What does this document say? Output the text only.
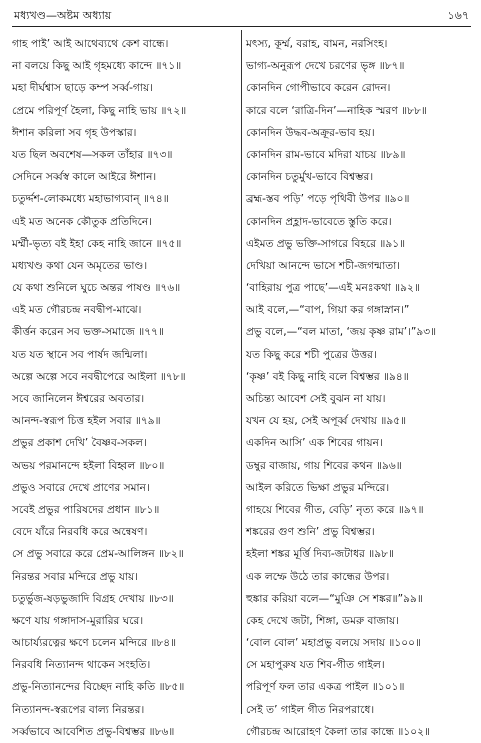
মধ্যখণ্ড—অষ্টম অধ্যায়	১৬৭
গাহ পাই’ আই আথেব্যথে কেশ বান্ধে।
না বলয়ে কিছু আই গৃহমধ্যে কান্দে ॥৭১॥
মহা দীর্ঘশ্বাস ছাড়ে কম্প সর্ব্ব-গায়।
প্রেমে পরিপূর্ণ হৈলা, কিছু নাহি ভায় ॥৭২॥
ঈশান করিলা সব গৃহ উপস্কার।
যত ছিল অবশেষ—সকল তাঁহার ॥৭৩॥
সেদিনে সর্ব্বস্ব কালে আইরে ঈশান।
চতুর্দ্দশ-লোকমধ্যে মহাভাগ্যবান্ ॥৭৪॥
এই মত অনেক কৌতুক প্রতিদিনে।
মর্ম্মী-ভৃত্য বই ইহা কেহ নাহি জানে ॥৭৫॥
মধ্যখণ্ড কথা যেন অমৃতের ভাণ্ড।
যে কথা শুনিলে ঘুচে অন্তর পাষণ্ড ॥৭৬॥
এই মত গৌরচন্দ্র নবদ্বীপ-মাঝে।
কীর্ত্তন করেন সব ভক্ত-সমাজে ॥৭৭॥
যত যত স্থানে সব পার্ষদ জন্মিলা।
অল্পে অল্পে সবে নবদ্বীপেরে আইলা ॥৭৮॥
সবে জানিলেন ঈশ্বরের অবতার।
আনন্দ-স্বরূপ চিত্ত হইল সবার ॥৭৯॥
প্রভুর প্রকাশ দেখি’ বৈষ্ণব-সকল।
অভয় পরমানন্দে হইলা বিহ্বল ॥৮০॥
প্রভুও সবারে দেখে প্রাণের সমান।
সবেই প্রভুর পারিষদের প্রধান ॥৮১॥
বেদে যাঁরে নিরবধি করে অন্বেষণ।
সে প্রভু সবারে করে প্রেম-আলিঙ্গন ॥৮২॥
নিরন্তর সবার মন্দিরে প্রভু যায়।
চতুর্ভুজ-ষড়ভুজাদি বিগ্রহ দেখায় ॥৮৩॥
ক্ষণে যায় গঙ্গাদাস-মুরারির ঘরে।
আচার্য্যরত্নের ক্ষণে চলেন মন্দিরে ॥৮৪॥
নিরবধি নিত্যানন্দ থাকেন সংহতি।
প্রভু-নিত্যানন্দের বিচ্ছেদ নাহি কতি ॥৮৫॥
নিত্যানন্দ-স্বরূপের বাল্য নিরন্তর।
সর্ব্বভাবে আবেশিত প্রভু-বিশ্বম্ভর ॥৮৬॥
মৎস্য, কূর্ম্ম, বরাহ, বামন, নরসিংহ।
ভাগ্য-অনুরূপ দেখে চরণের ভৃঙ্গ ॥৮৭॥
কোনদিন গোপীভাবে করেন রোদন।
কারে বলে ‘রাত্রি-দিন’—নাহিক স্মরণ ॥৮৮॥
কোনদিন উদ্ধব-অক্রূর-ভাব হয়।
কোনদিন রাম-ভাবে মদিরা যাচয় ॥৮৯॥
কোনদিন চতুর্মুখ-ভাবে বিশ্বম্ভর।
ব্রহ্ম-স্তব পড়ি’ পড়ে পৃথিবী উপর ॥৯০॥
কোনদিন প্রহ্লাদ-ভাবেতে স্তুতি করে।
এইমত প্রভু ভক্তি-সাগরে বিহরে ॥৯১॥
দেখিয়া আনন্দে ভাসে শচী-জগন্মাতা।
‘বাহিরায় পুত্র পাছে’—এই মনঃকথা ॥৯২॥
আই বলে,—“বাপ, গিয়া কর গঙ্গাস্নান।”
প্রভু বলে,—“বল মাতা, ‘জয় কৃষ্ণ রাম’।”৯৩॥
যত কিছু করে শচী পুত্রের উত্তর।
‘কৃষ্ণ’ বই কিছু নাহি বলে বিশ্বম্ভর ॥৯৪॥
অচিন্ত্য আবেশ সেই বুঝন না যায়।
যখন যে হয়, সেই অপূর্ব্ব দেখায় ॥৯৫॥
একদিন আসি’ এক শিবের গায়ন।
ডম্বুর বাজায়, গায় শিবের কথন ॥৯৬॥
আইল করিতে ভিক্ষা প্রভুর মন্দিরে।
গাহয়ে শিবের গীত, বেড়ি’ নৃত্য করে ॥৯৭॥
শঙ্করের গুণ শুনি’ প্রভু বিশ্বম্ভর।
হইলা শঙ্কর মূর্ত্তি দিব্য-জটাধর ॥৯৮॥
এক লম্ফে উঠে তার কান্ধের উপর।
হুঙ্কার করিয়া বলে—“মুঞি সে শঙ্কর॥”৯৯॥
কেহ দেখে জটা, শিঙ্গা, ডমরু বাজায়।
‘বোল বোল’ মহাপ্রভু বলয়ে সদায় ॥১০০॥
সে মহাপুরুষ যত শিব-গীত গাইল।
পরিপূর্ণ ফল তার একত্র পাইল ॥১০১॥
সেই ত’ গাইল গীত নিরপরাধে।
গৌরচন্দ্র আরোহণ কৈলা তার কান্ধে ॥১০২॥
